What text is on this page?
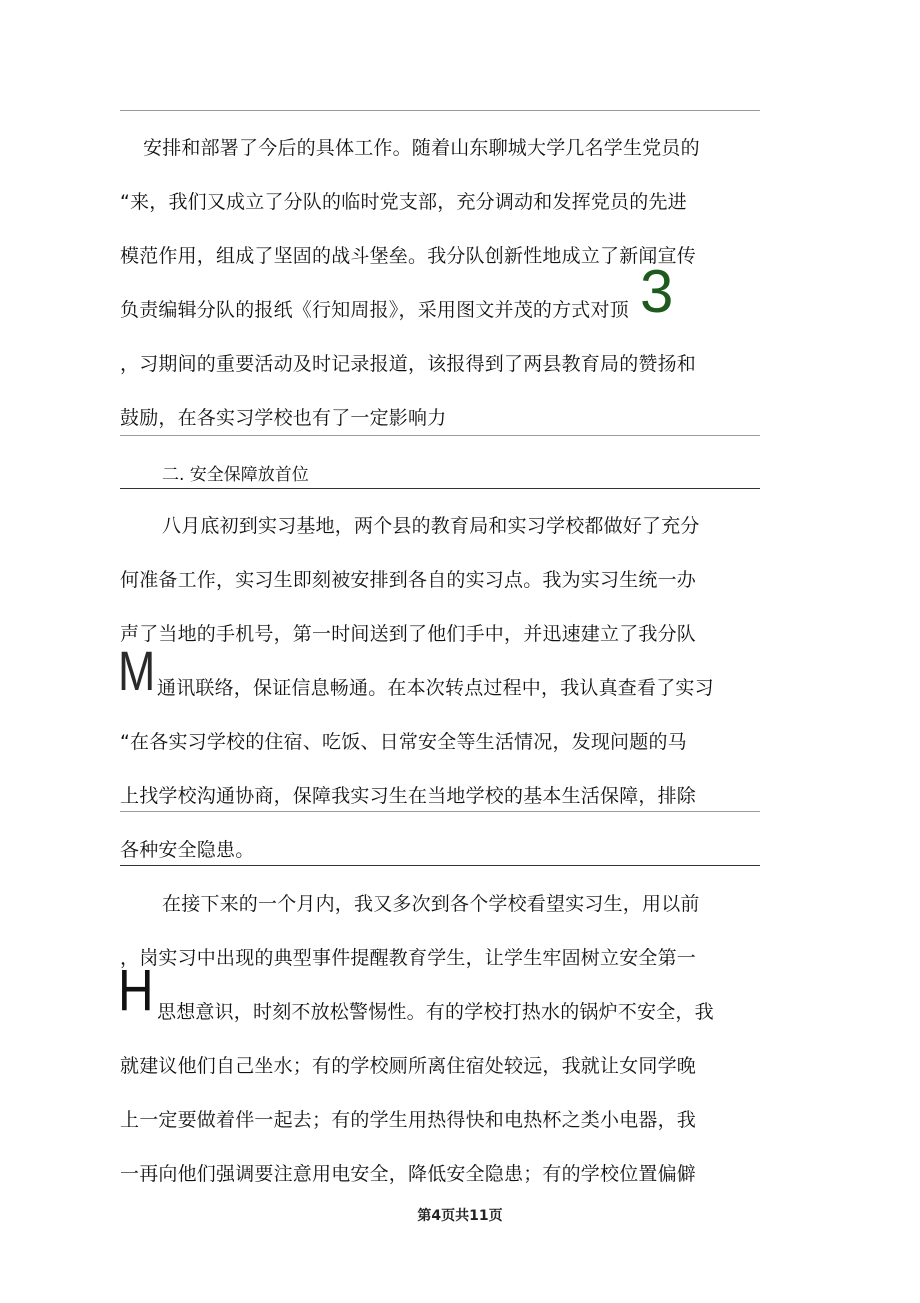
安排和部署了今后的具体工作。随着山东聊城大学几名学生党员的
“来，我们又成立了分队的临时党支部，充分调动和发挥党员的先进
模范作用，组成了坚固的战斗堡垒。我分队创新性地成立了新闻宣传
负责编辑分队的报纸《行知周报》，采用图文并茂的方式对顶
，习期间的重要活动及时记录报道，该报得到了两县教育局的赞扬和
鼓励，在各实习学校也有了一定影响力
3
二. 安全保障放首位
八月底初到实习基地，两个县的教育局和实习学校都做好了充分
何准备工作，实习生即刻被安排到各自的实习点。我为实习生统一办
声了当地的手机号，第一时间送到了他们手中，并迅速建立了我分队
通讯联络，保证信息畅通。在本次转点过程中，我认真查看了实习
“在各实习学校的住宿、吃饭、日常安全等生活情况，发现问题的马
上找学校沟通协商，保障我实习生在当地学校的基本生活保障，排除
各种安全隐患。
M
在接下来的一个月内，我又多次到各个学校看望实习生，用以前
，岗实习中出现的典型事件提醒教育学生，让学生牢固树立安全第一
思想意识，时刻不放松警惕性。有的学校打热水的锅炉不安全，我
就建议他们自己坐水；有的学校厕所离住宿处较远，我就让女同学晚
上一定要做着伴一起去；有的学生用热得快和电热杯之类小电器，我
一再向他们强调要注意用电安全，降低安全隐患；有的学校位置偏僻
H
第4页共11页
